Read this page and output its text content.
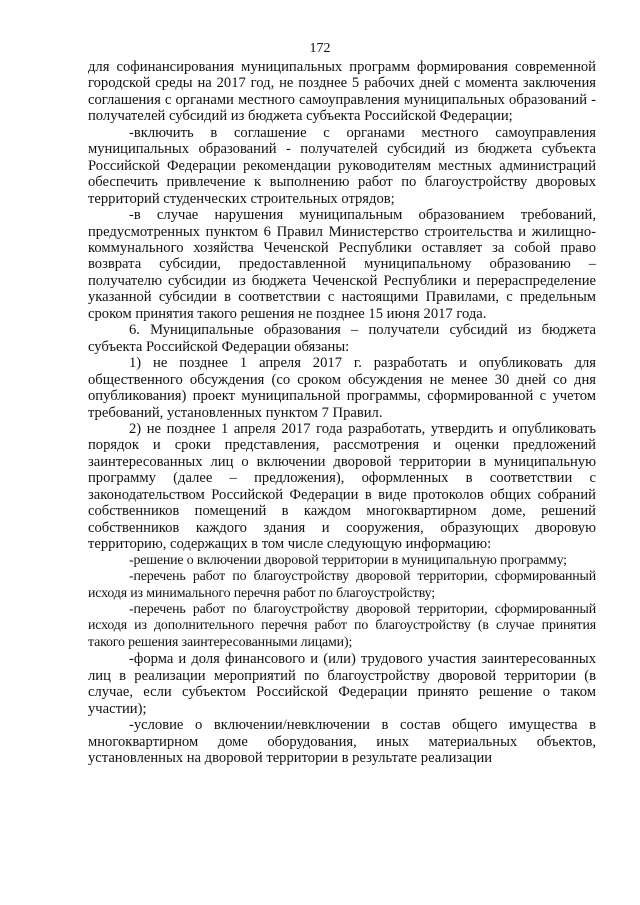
172

для софинансирования муниципальных программ формирования современной городской среды на 2017 год, не позднее 5 рабочих дней с момента заключения соглашения с органами местного самоуправления муниципальных образований - получателей субсидий из бюджета субъекта Российской Федерации;

-включить в соглашение с органами местного самоуправления муниципальных образований - получателей субсидий из бюджета субъекта Российской Федерации рекомендации руководителям местных администраций обеспечить привлечение к выполнению работ по благоустройству дворовых территорий студенческих строительных отрядов;

-в случае нарушения муниципальным образованием требований, предусмотренных пунктом 6 Правил Министерство строительства и жилищно-коммунального хозяйства Чеченской Республики оставляет за собой право возврата субсидии, предоставленной муниципальному образованию – получателю субсидии из бюджета Чеченской Республики и перераспределение указанной субсидии в соответствии с настоящими Правилами, с предельным сроком принятия такого решения не позднее 15 июня 2017 года.

6. Муниципальные образования – получатели субсидий из бюджета субъекта Российской Федерации обязаны:

1) не позднее 1 апреля 2017 г. разработать и опубликовать для общественного обсуждения (со сроком обсуждения не менее 30 дней со дня опубликования) проект муниципальной программы, сформированной с учетом требований, установленных пунктом 7 Правил.

2) не позднее 1 апреля 2017 года разработать, утвердить и опубликовать порядок и сроки представления, рассмотрения и оценки предложений заинтересованных лиц о включении дворовой территории в муниципальную программу (далее – предложения), оформленных в соответствии с законодательством Российской Федерации в виде протоколов общих собраний собственников помещений в каждом многоквартирном доме, решений собственников каждого здания и сооружения, образующих дворовую территорию, содержащих в том числе следующую информацию:

-решение о включении дворовой территории в муниципальную программу;

-перечень работ по благоустройству дворовой территории, сформированный исходя из минимального перечня работ по благоустройству;

-перечень работ по благоустройству дворовой территории, сформированный исходя из дополнительного перечня работ по благоустройству (в случае принятия такого решения заинтересованными лицами);

-форма и доля финансового и (или) трудового участия заинтересованных лиц в реализации мероприятий по благоустройству дворовой территории (в случае, если субъектом Российской Федерации принято решение о таком участии);

-условие о включении/невключении в состав общего имущества в многоквартирном доме оборудования, иных материальных объектов, установленных на дворовой территории в результате реализации
